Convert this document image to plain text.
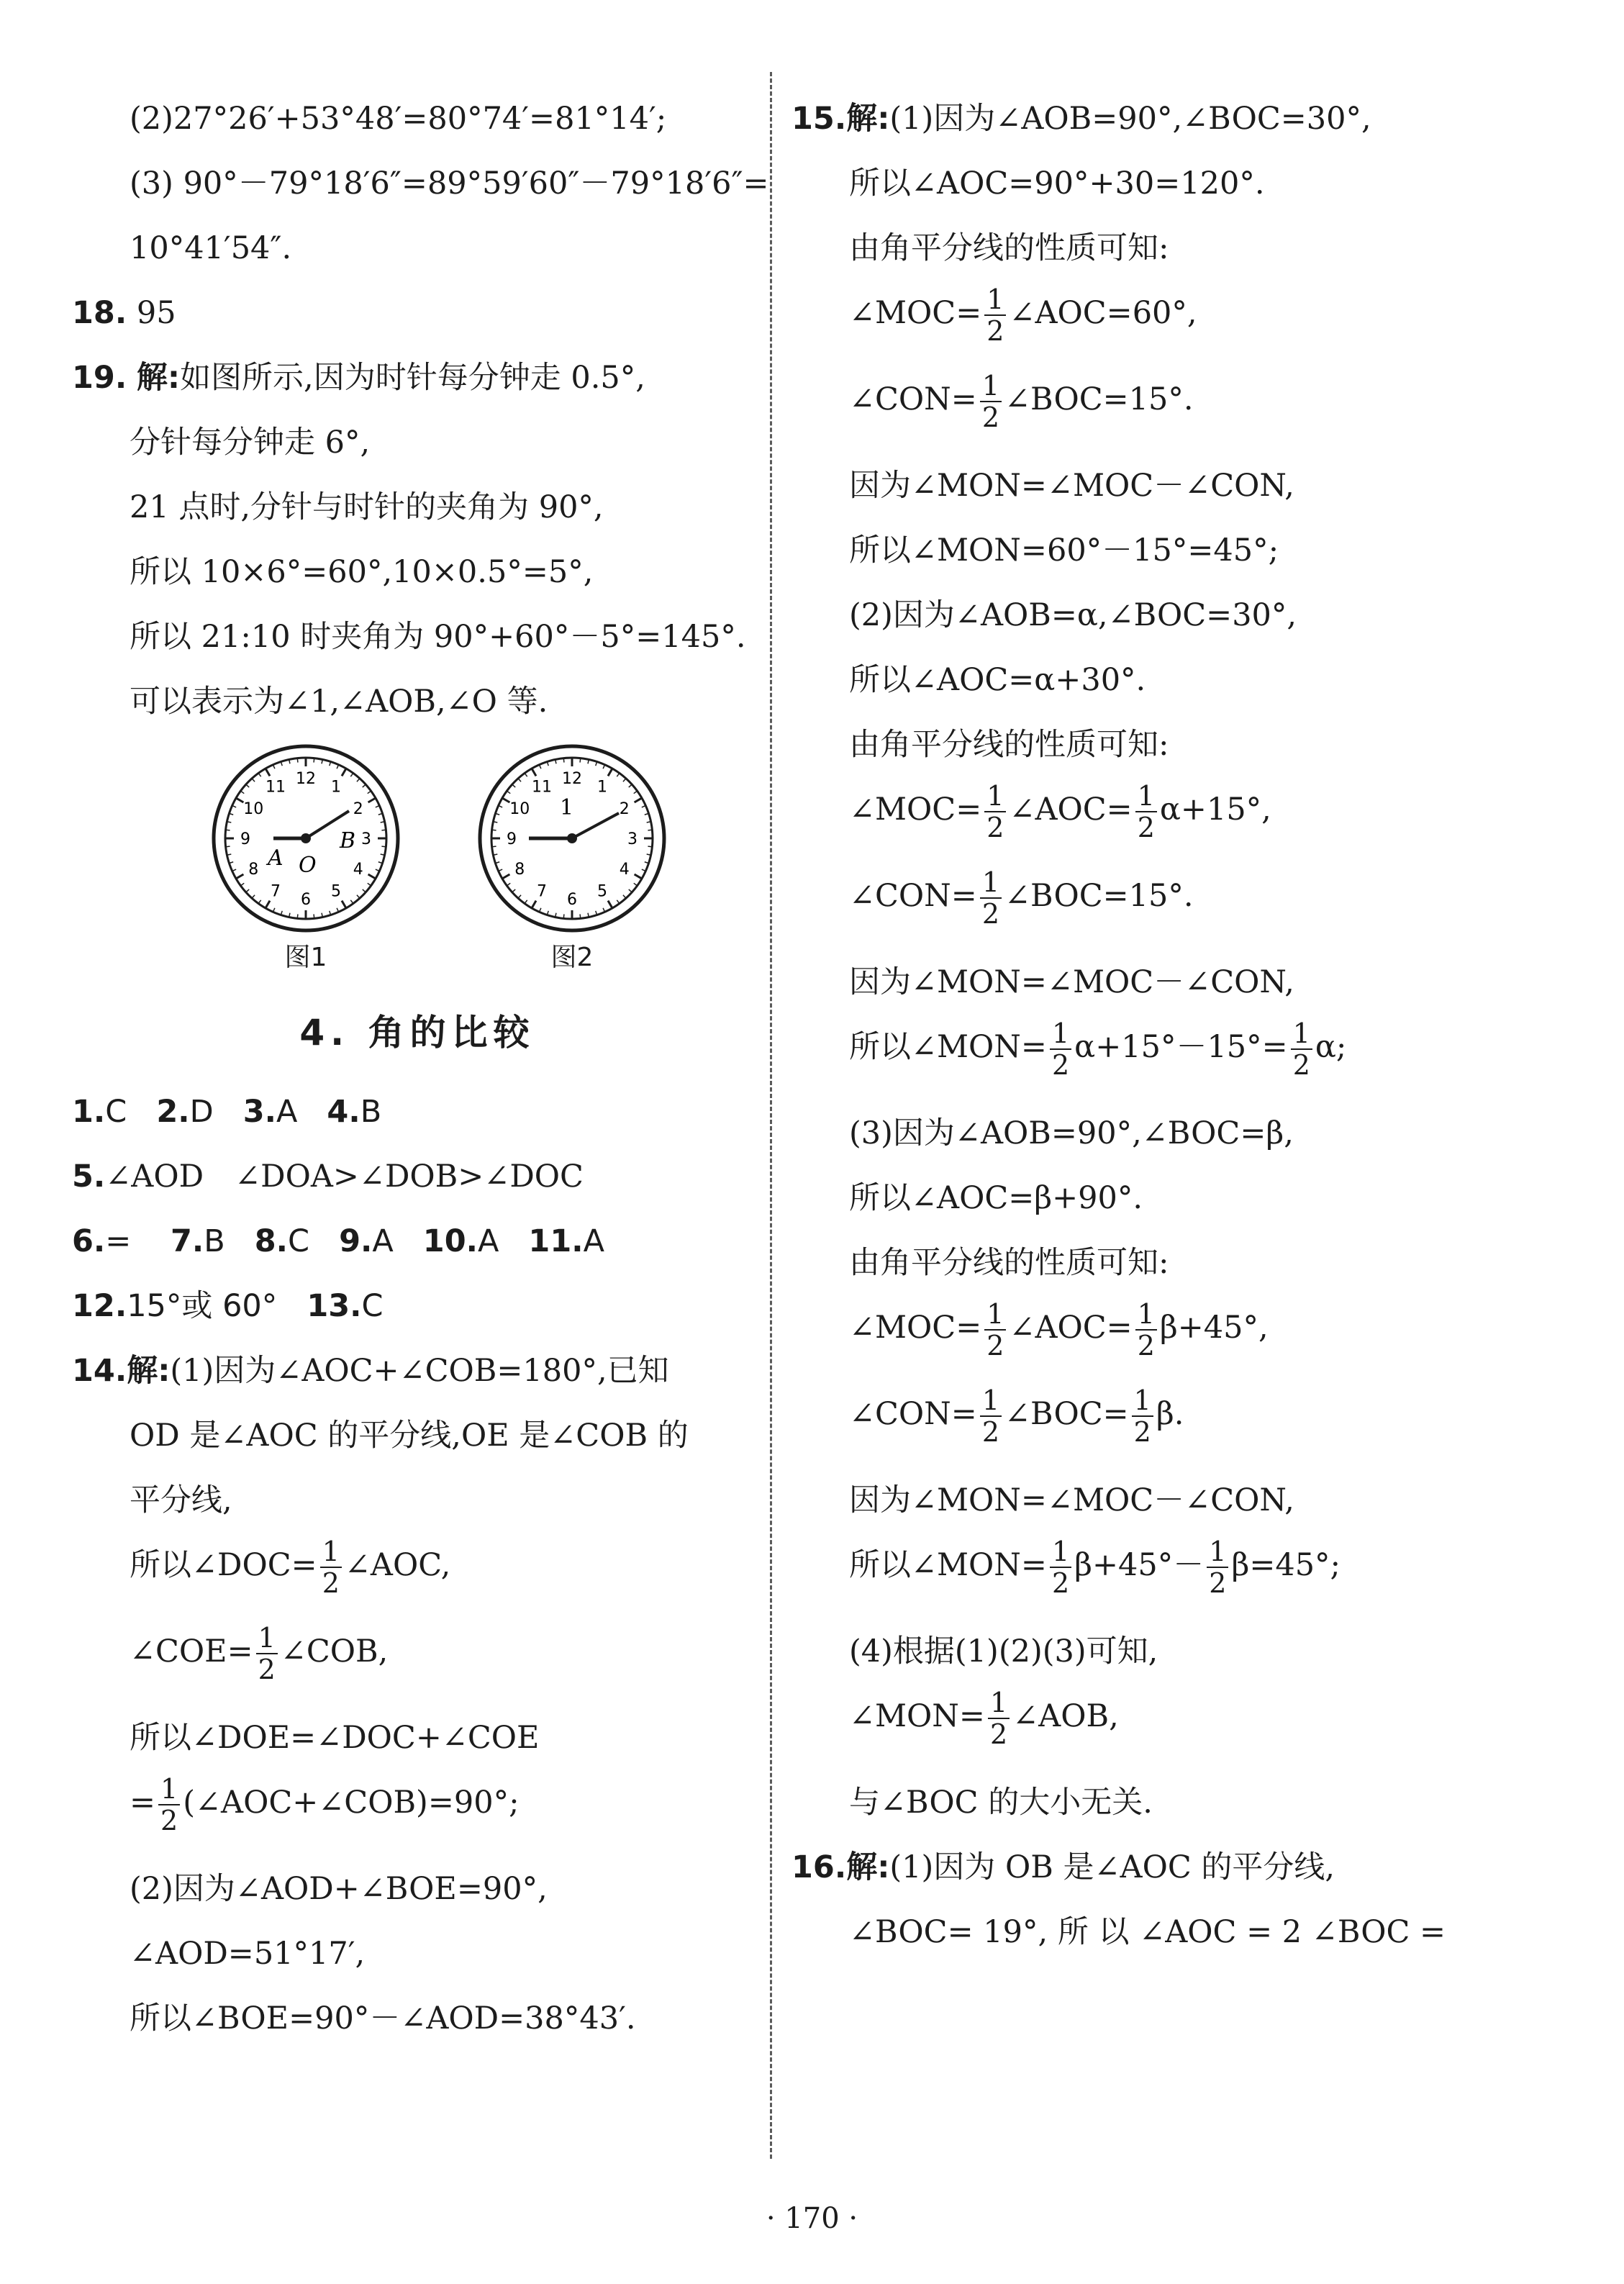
(2)27°26′+53°48′=80°74′=81°14′;
(3) 90°－79°18′6″=89°59′60″－79°18′6″=
10°41′54″.
18. 95
19. 解:如图所示,因为时针每分钟走 0.5°,
分针每分钟走 6°,
21 点时,分针与时针的夹角为 90°,
所以 10×6°=60°,10×0.5°=5°,
所以 21:10 时夹角为 90°+60°－5°=145°.
可以表示为∠1,∠AOB,∠O 等.
12 1
2
3
4
5
6
7
8
9
10
11
A O
B
图1
12 1
2
3
4
5
6
7
8
9
10
11
1
图2
4. 角的比较
1.C 2.D 3.A 4.B
5.∠AOD　∠DOA>∠DOB>∠DOC
6.= 7.B 8.C 9.A 10.A 11.A
12.15°或 60° 13.C
14.解:(1)因为∠AOC+∠COB=180°,已知
OD 是∠AOC 的平分线,OE 是∠COB 的
平分线,
所以∠DOC= $\frac{1}{2}$ ∠AOC,
∠COE= $\frac{1}{2}$ ∠COB,
所以∠DOE=∠DOC+∠COE
= $\frac{1}{2}$ (∠AOC+∠COB)=90°;
(2)因为∠AOD+∠BOE=90°,
∠AOD=51°17′,
所以∠BOE=90°－∠AOD=38°43′.
15.解:(1)因为∠AOB=90°,∠BOC=30°,
所以∠AOC=90°+30=120°.
由角平分线的性质可知:
∠MOC= $\frac{1}{2}$ ∠AOC=60°,
∠CON= $\frac{1}{2}$ ∠BOC=15°.
因为∠MON=∠MOC－∠CON,
所以∠MON=60°－15°=45°;
(2)因为∠AOB=α,∠BOC=30°,
所以∠AOC=α+30°.
由角平分线的性质可知:
∠MOC= $\frac{1}{2}$ ∠AOC= $\frac{1}{2} \alpha+15^\circ$,
∠CON= $\frac{1}{2}$ ∠BOC=15°.
因为∠MON=∠MOC－∠CON,
所以∠MON= $\frac{1}{2} \alpha+15^\circ-15^\circ= \frac{1}{2} \alpha$;
(3)因为∠AOB=90°,∠BOC=β,
所以∠AOC=β+90°.
由角平分线的性质可知:
∠MOC= $\frac{1}{2}$ ∠AOC= $\frac{1}{2} \beta+45^\circ$,
∠CON= $\frac{1}{2}$ ∠BOC= $\frac{1}{2} \beta$.
因为∠MON=∠MOC－∠CON,
所以∠MON= $\frac{1}{2} \beta+45^\circ- \frac{1}{2} \beta=45^\circ$;
(4)根据(1)(2)(3)可知,
∠MON= $\frac{1}{2}$ ∠AOB,
与∠BOC 的大小无关.
16.解:(1)因为 OB 是∠AOC 的平分线,
∠BOC= 19°, 所 以 ∠AOC = 2 ∠BOC =
· 170 ·
